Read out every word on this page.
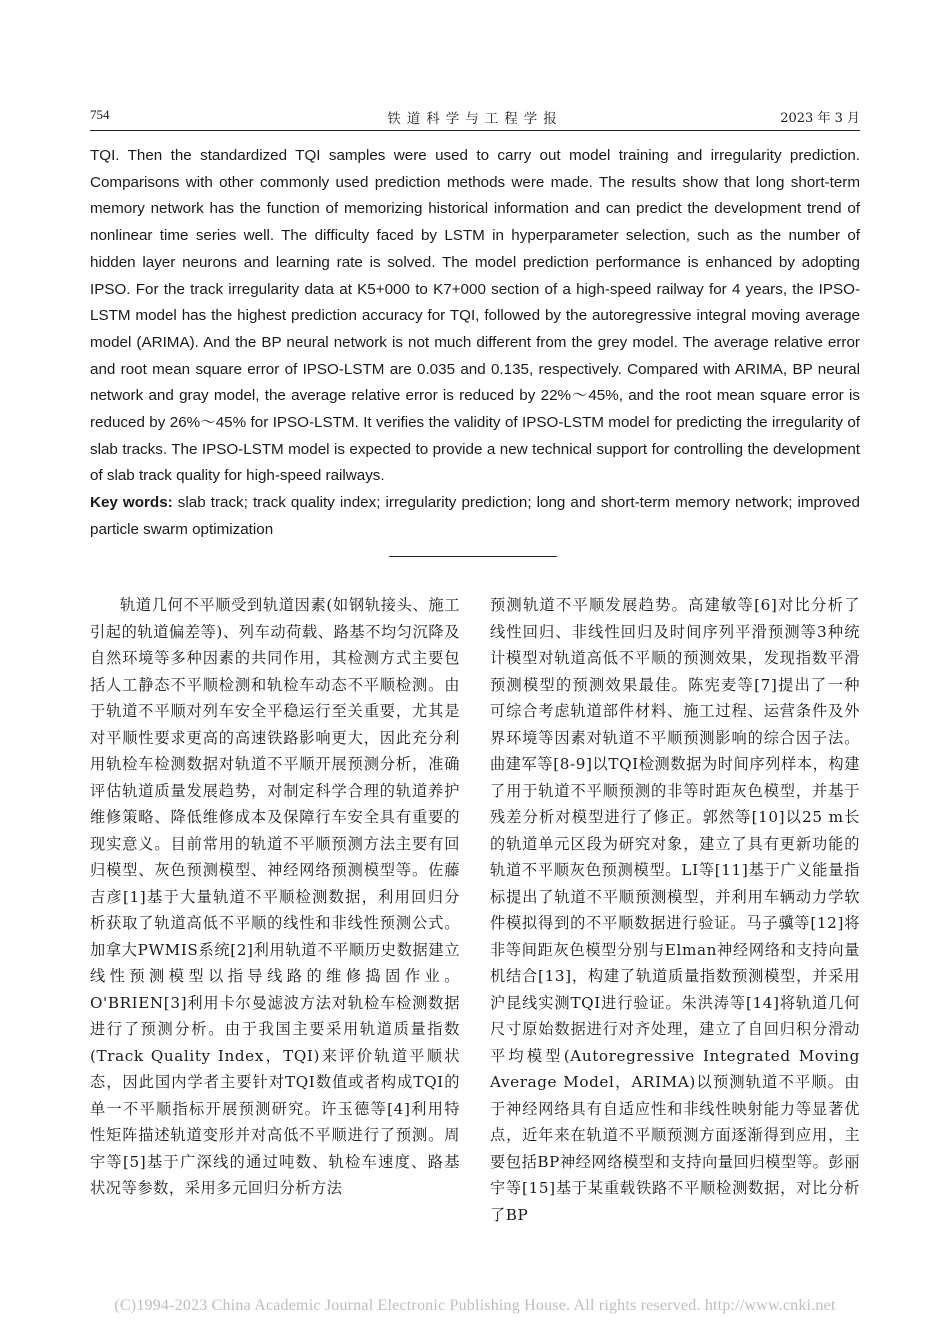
754	铁道科学与工程学报	2023 年 3 月

TQI. Then the standardized TQI samples were used to carry out model training and irregularity prediction. Comparisons with other commonly used prediction methods were made. The results show that long short-term memory network has the function of memorizing historical information and can predict the development trend of nonlinear time series well. The difficulty faced by LSTM in hyperparameter selection, such as the number of hidden layer neurons and learning rate is solved. The model prediction performance is enhanced by adopting IPSO. For the track irregularity data at K5+000 to K7+000 section of a high-speed railway for 4 years, the IPSO-LSTM model has the highest prediction accuracy for TQI, followed by the autoregressive integral moving average model (ARIMA). And the BP neural network is not much different from the grey model. The average relative error and root mean square error of IPSO-LSTM are 0.035 and 0.135, respectively. Compared with ARIMA, BP neural network and gray model, the average relative error is reduced by 22%～45%, and the root mean square error is reduced by 26%～45% for IPSO-LSTM. It verifies the validity of IPSO-LSTM model for predicting the irregularity of slab tracks. The IPSO-LSTM model is expected to provide a new technical support for controlling the development of slab track quality for high-speed railways.

Key words: slab track; track quality index; irregularity prediction; long and short-term memory network; improved particle swarm optimization

轨道几何不平顺受到轨道因素(如钢轨接头、施工引起的轨道偏差等)、列车动荷载、路基不均匀沉降及自然环境等多种因素的共同作用，其检测方式主要包括人工静态不平顺检测和轨检车动态不平顺检测。由于轨道不平顺对列车安全平稳运行至关重要，尤其是对平顺性要求更高的高速铁路影响更大，因此充分利用轨检车检测数据对轨道不平顺开展预测分析，准确评估轨道质量发展趋势，对制定科学合理的轨道养护维修策略、降低维修成本及保障行车安全具有重要的现实意义。目前常用的轨道不平顺预测方法主要有回归模型、灰色预测模型、神经网络预测模型等。佐藤吉彦[1]基于大量轨道不平顺检测数据，利用回归分析获取了轨道高低不平顺的线性和非线性预测公式。加拿大PWMIS系统[2]利用轨道不平顺历史数据建立线性预测模型以指导线路的维修捣固作业。O'BRIEN[3]利用卡尔曼滤波方法对轨检车检测数据进行了预测分析。由于我国主要采用轨道质量指数(Track Quality Index，TQI)来评价轨道平顺状态，因此国内学者主要针对TQI数值或者构成TQI的单一不平顺指标开展预测研究。许玉德等[4]利用特性矩阵描述轨道变形并对高低不平顺进行了预测。周宇等[5]基于广深线的通过吨数、轨检车速度、路基状况等参数，采用多元回归分析方法

预测轨道不平顺发展趋势。高建敏等[6]对比分析了线性回归、非线性回归及时间序列平滑预测等3种统计模型对轨道高低不平顺的预测效果，发现指数平滑预测模型的预测效果最佳。陈宪麦等[7]提出了一种可综合考虑轨道部件材料、施工过程、运营条件及外界环境等因素对轨道不平顺预测影响的综合因子法。曲建军等[8-9]以TQI检测数据为时间序列样本，构建了用于轨道不平顺预测的非等时距灰色模型，并基于残差分析对模型进行了修正。郭然等[10]以25 m长的轨道单元区段为研究对象，建立了具有更新功能的轨道不平顺灰色预测模型。LI等[11]基于广义能量指标提出了轨道不平顺预测模型，并利用车辆动力学软件模拟得到的不平顺数据进行验证。马子骥等[12]将非等间距灰色模型分别与Elman神经网络和支持向量机结合[13]，构建了轨道质量指数预测模型，并采用沪昆线实测TQI进行验证。朱洪涛等[14]将轨道几何尺寸原始数据进行对齐处理，建立了自回归积分滑动平均模型(Autoregressive Integrated Moving Average Model，ARIMA)以预测轨道不平顺。由于神经网络具有自适应性和非线性映射能力等显著优点，近年来在轨道不平顺预测方面逐渐得到应用，主要包括BP神经网络模型和支持向量回归模型等。彭丽宇等[15]基于某重载铁路不平顺检测数据，对比分析了BP

(C)1994-2023 China Academic Journal Electronic Publishing House. All rights reserved. http://www.cnki.net
